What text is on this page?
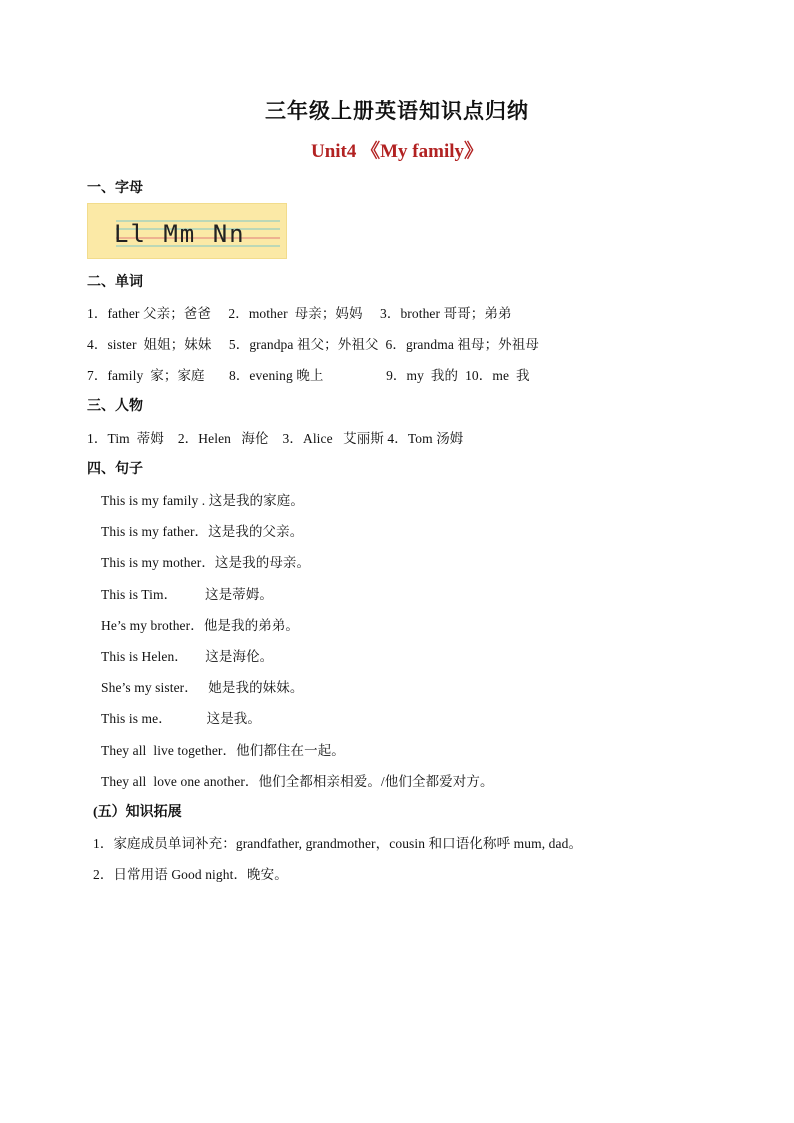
三年级上册英语知识点归纳
Unit4 《My family》
一、字母
Ll Mm Nn
二、单词
1．father 父亲；爸爸     2．mother  母亲；妈妈     3．brother 哥哥；弟弟
4．sister  姐姐；妹妹     5．grandpa 祖父；外祖父  6．grandma 祖母；外祖母
7．family  家；家庭       8．evening 晚上                  9．my  我的  10．me  我
三、人物
1．Tim  蒂姆    2．Helen   海伦    3．Alice   艾丽斯 4．Tom 汤姆
四、句子
This is my family . 这是我的家庭。
This is my father．这是我的父亲。
This is my mother．这是我的母亲。
This is Tim．        这是蒂姆。
He’s my brother．他是我的弟弟。
This is Helen．     这是海伦。
She’s my sister．   她是我的妹妹。
This is me．          这是我。
They all  live together．他们都住在一起。
They all  love one another．他们全都相亲相爱。/他们全都爱对方。
(五）知识拓展
1．家庭成员单词补充：grandfather, grandmother，cousin 和口语化称呼 mum, dad。
2．日常用语 Good night．晚安。
